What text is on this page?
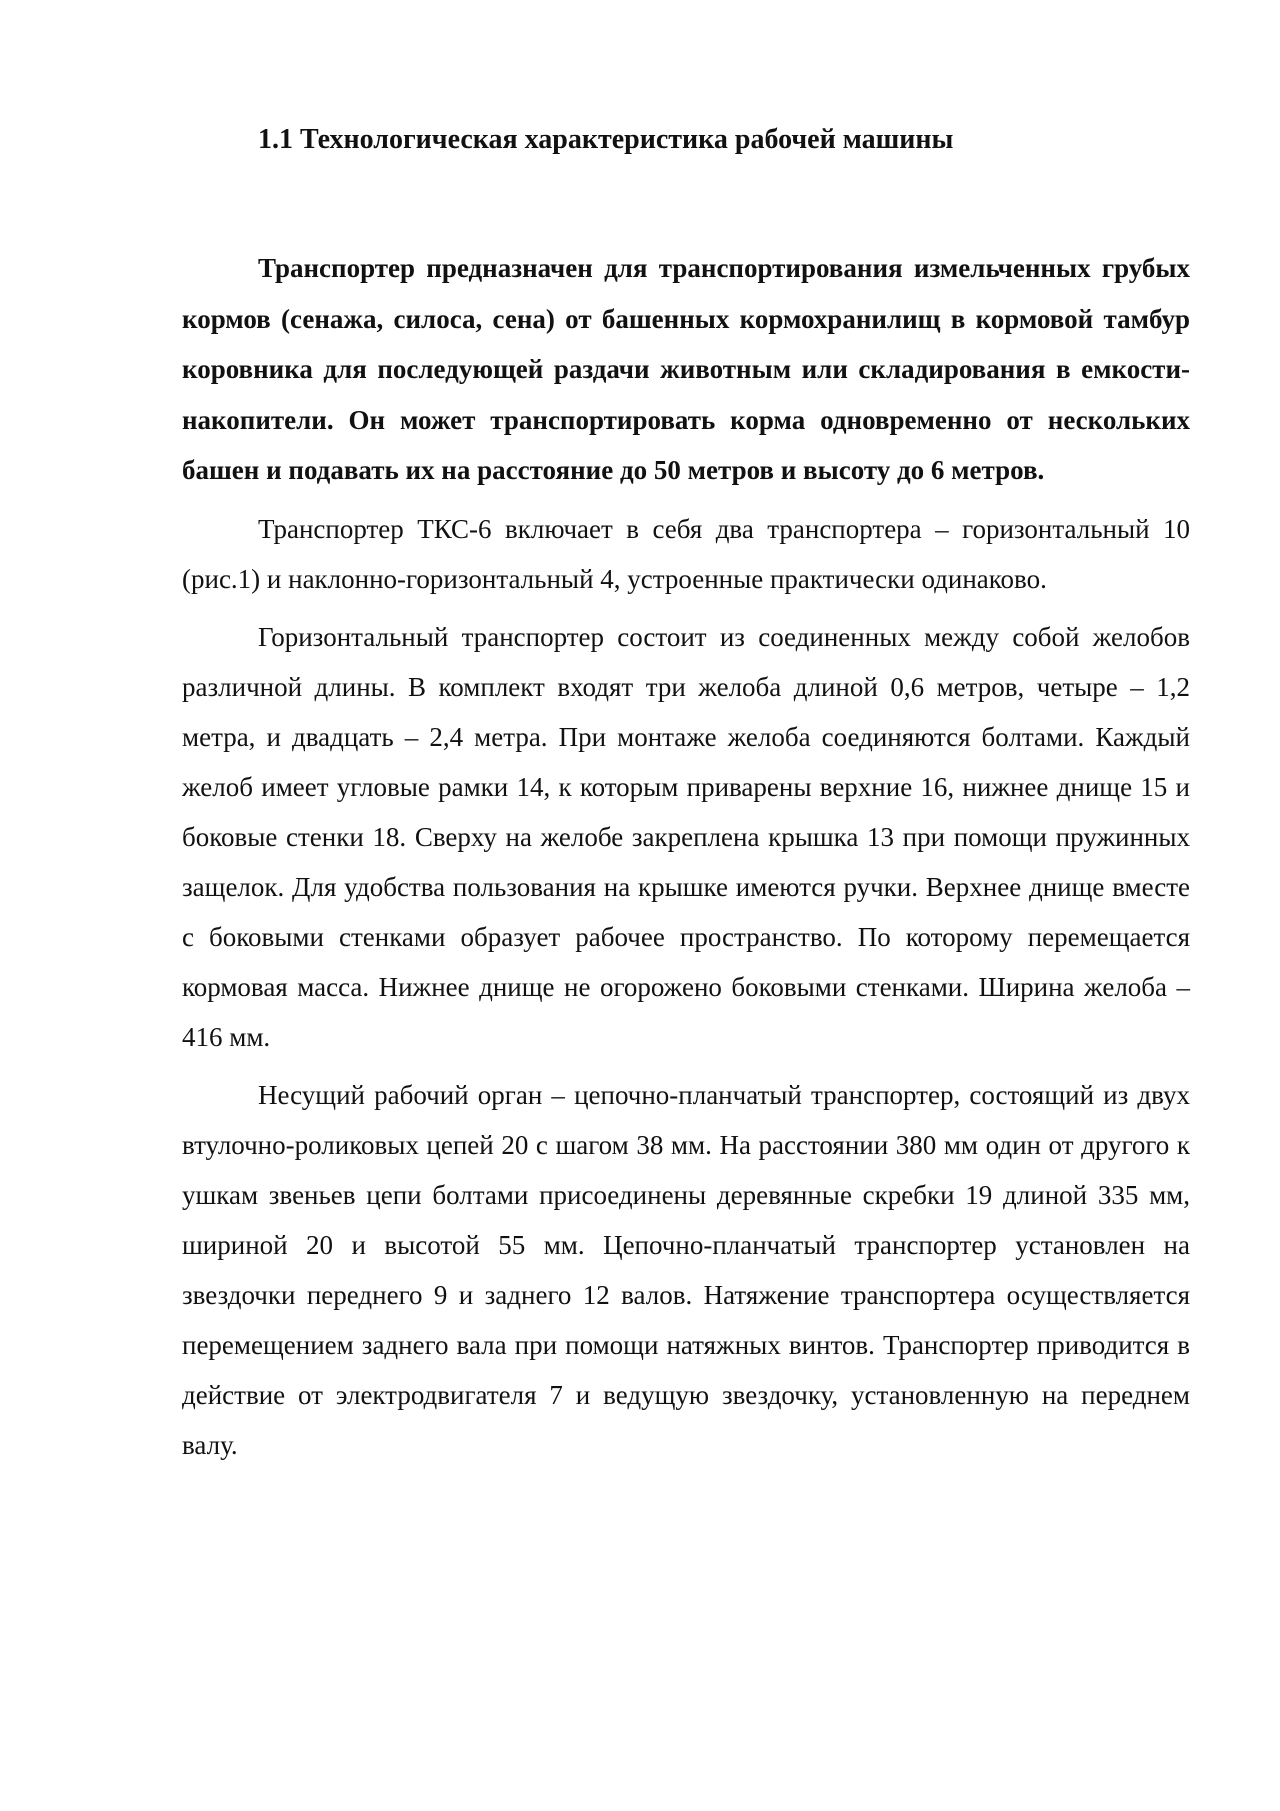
1.1 Технологическая характеристика рабочей машины

Транспортер предназначен для транспортирования измельченных грубых кормов (сенажа, силоса, сена) от башенных кормохранилищ в кормовой тамбур коровника для последующей раздачи животным или складирования в емкости-накопители. Он может транспортировать корма одновременно от нескольких башен и подавать их на расстояние до 50 метров и высоту до 6 метров.

Транспортер ТКС-6 включает в себя два транспортера – горизонтальный 10 (рис.1) и наклонно-горизонтальный 4, устроенные практически одинаково.

Горизонтальный транспортер состоит из соединенных между собой желобов различной длины. В комплект входят три желоба длиной 0,6 метров, четыре – 1,2 метра, и двадцать – 2,4 метра. При монтаже желоба соединяются болтами. Каждый желоб имеет угловые рамки 14, к которым приварены верхние 16, нижнее днище 15 и боковые стенки 18. Сверху на желобе закреплена крышка 13 при помощи пружинных защелок. Для удобства пользования на крышке имеются ручки. Верхнее днище вместе с боковыми стенками образует рабочее пространство. По которому перемещается кормовая масса. Нижнее днище не огорожено боковыми стенками. Ширина желоба – 416 мм.

Несущий рабочий орган – цепочно-планчатый транспортер, состоящий из двух втулочно-роликовых цепей 20 с шагом 38 мм. На расстоянии 380 мм один от другого к ушкам звеньев цепи болтами присоединены деревянные скребки 19 длиной 335 мм, шириной 20 и высотой 55 мм. Цепочно-планчатый транспортер установлен на звездочки переднего 9 и заднего 12 валов. Натяжение транспортера осуществляется перемещением заднего вала при помощи натяжных винтов. Транспортер приводится в действие от электродвигателя 7 и ведущую звездочку, установленную на переднем валу.
